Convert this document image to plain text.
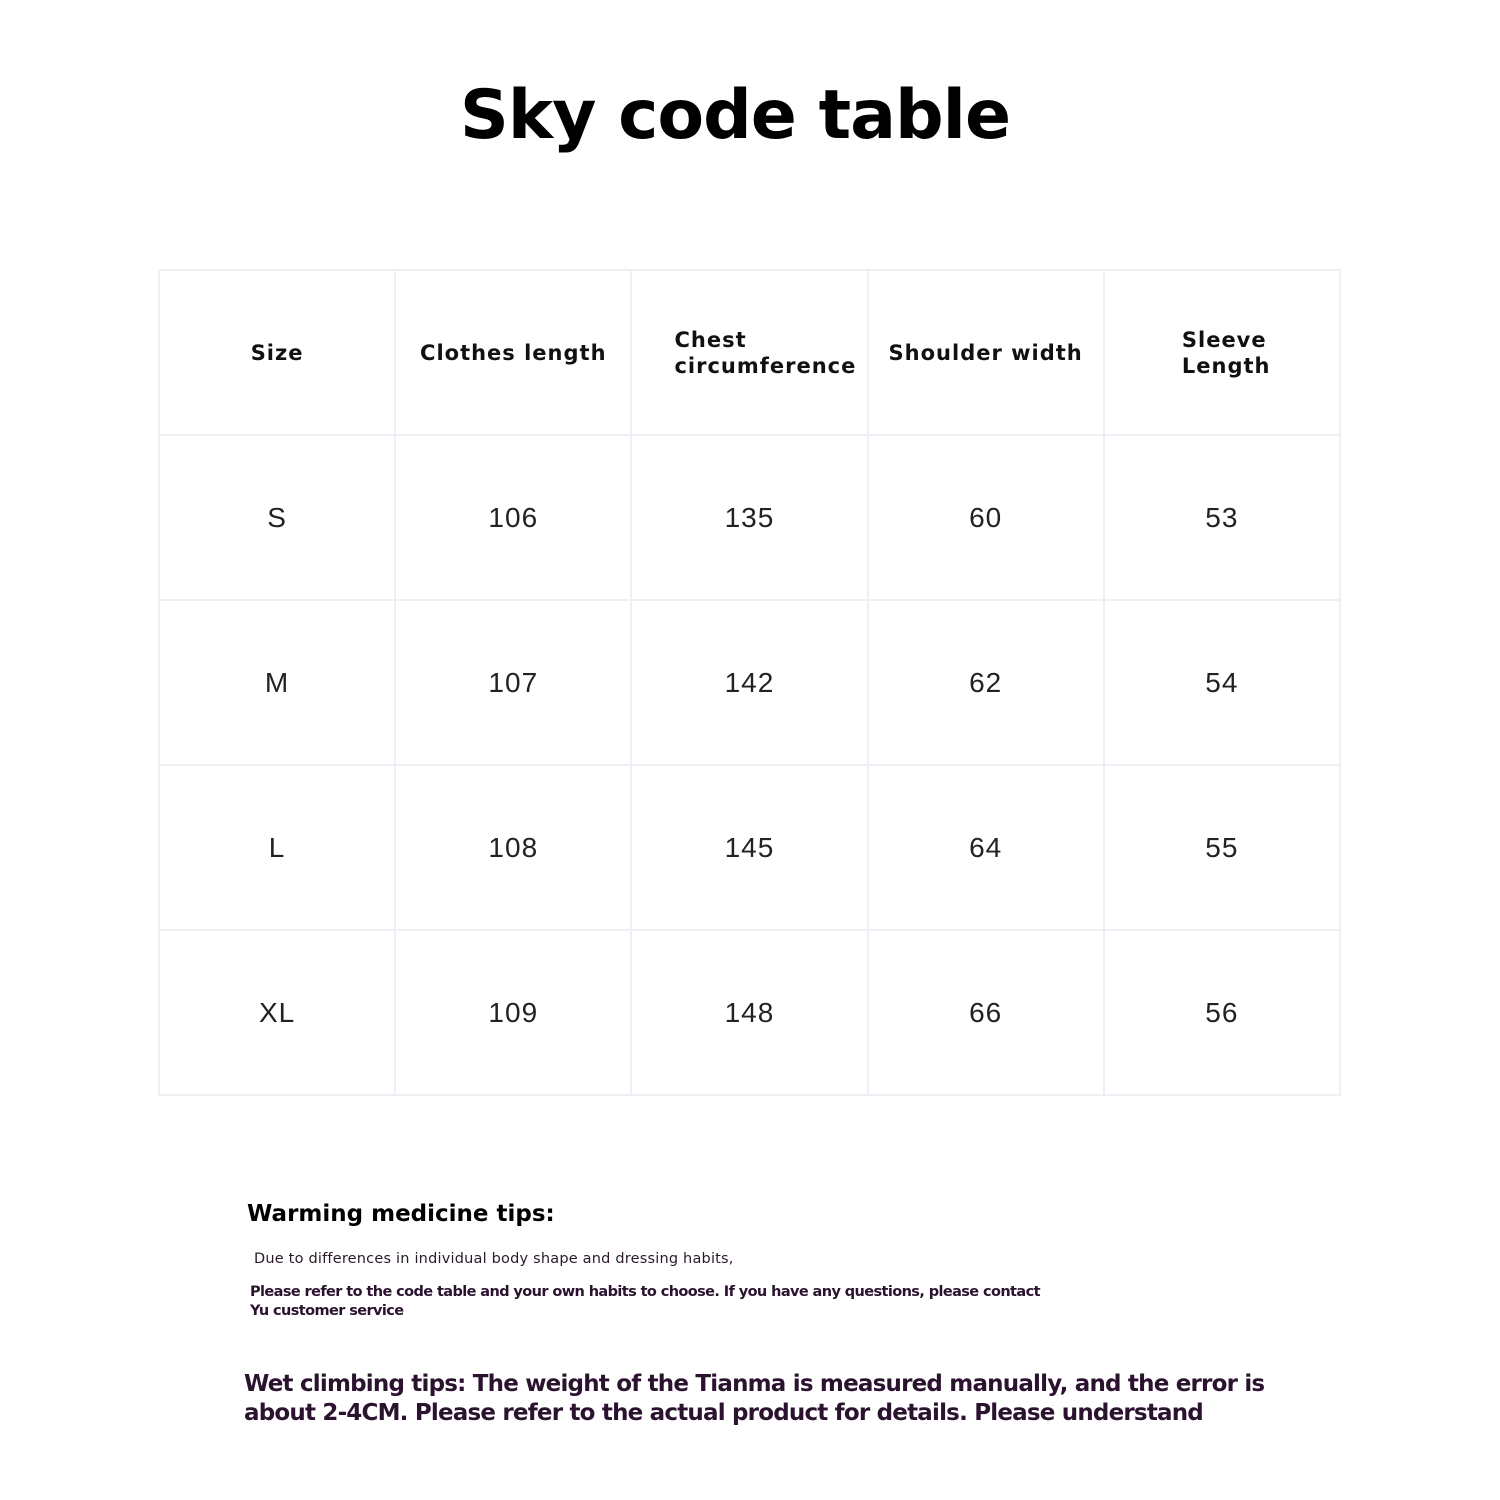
Sky code table
Size	Clothes length	Chest circumference	Shoulder width	Sleeve Length

S	106	135	60	53
M	107	142	62	54
L	108	145	64	55
XL	109	148	66	56
Warming medicine tips:
Due to differences in individual body shape and dressing habits,
Please refer to the code table and your own habits to choose. If you have any questions, please contact Yu customer service
Wet climbing tips: The weight of the Tianma is measured manually, and the error is about 2-4CM. Please refer to the actual product for details. Please understand
